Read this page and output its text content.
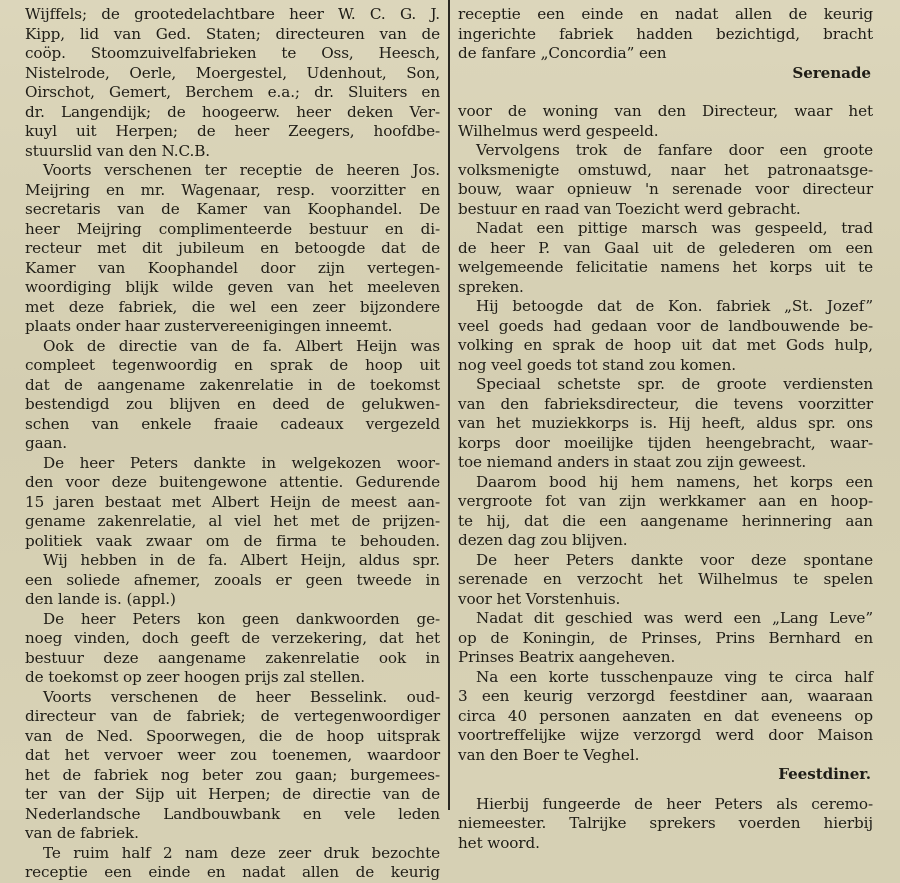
Wijffels; de grootedelachtbare heer W. C. G. J.
Kipp, lid van Ged. Staten; directeuren van de
coöp. Stoomzuivelfabrieken te Oss, Heesch,
Nistelrode, Oerle, Moergestel, Udenhout, Son,
Oirschot, Gemert, Berchem e.a.; dr. Sluiters en
dr. Langendijk; de hoogeerw. heer deken Ver-
kuyl uit Herpen; de heer Zeegers, hoofdbe-
stuurslid van den N.C.B.
Voorts verschenen ter receptie de heeren Jos.
Meijring en mr. Wagenaar, resp. voorzitter en
secretaris van de Kamer van Koophandel. De
heer Meijring complimenteerde bestuur en di-
recteur met dit jubileum en betoogde dat de
Kamer van Koophandel door zijn vertegen-
woordiging blijk wilde geven van het meeleven
met deze fabriek, die wel een zeer bijzondere
plaats onder haar zustervereenigingen inneemt.
Ook de directie van de fa. Albert Heijn was
compleet tegenwoordig en sprak de hoop uit
dat de aangename zakenrelatie in de toekomst
bestendigd zou blijven en deed de gelukwen-
schen van enkele fraaie cadeaux vergezeld
gaan.
De heer Peters dankte in welgekozen woor-
den voor deze buitengewone attentie. Gedurende
15 jaren bestaat met Albert Heijn de meest aan-
gename zakenrelatie, al viel het met de prijzen-
politiek vaak zwaar om de firma te behouden.
Wij hebben in de fa. Albert Heijn, aldus spr.
een soliede afnemer, zooals er geen tweede in
den lande is. (appl.)
De heer Peters kon geen dankwoorden ge-
noeg vinden, doch geeft de verzekering, dat het
bestuur deze aangename zakenrelatie ook in
de toekomst op zeer hoogen prijs zal stellen.
Voorts verschenen de heer Besselink. oud-
directeur van de fabriek; de vertegenwoordiger
van de Ned. Spoorwegen, die de hoop uitsprak
dat het vervoer weer zou toenemen, waardoor
het de fabriek nog beter zou gaan; burgemees-
ter van der Sijp uit Herpen; de directie van de
Nederlandsche Landbouwbank en vele leden
van de fabriek.
Te ruim half 2 nam deze zeer druk bezochte
receptie een einde en nadat allen de keurig
receptie een einde en nadat allen de keurig
ingerichte fabriek hadden bezichtigd, bracht
de fanfare „Concordia” een
Serenade
voor de woning van den Directeur, waar het
Wilhelmus werd gespeeld.
Vervolgens trok de fanfare door een groote
volksmenigte omstuwd, naar het patronaatsge-
bouw, waar opnieuw 'n serenade voor directeur
bestuur en raad van Toezicht werd gebracht.
Nadat een pittige marsch was gespeeld, trad
de heer P. van Gaal uit de gelederen om een
welgemeende felicitatie namens het korps uit te
spreken.
Hij betoogde dat de Kon. fabriek „St. Jozef”
veel goeds had gedaan voor de landbouwende be-
volking en sprak de hoop uit dat met Gods hulp,
nog veel goeds tot stand zou komen.
Speciaal schetste spr. de groote verdiensten
van den fabrieksdirecteur, die tevens voorzitter
van het muziekkorps is. Hij heeft, aldus spr. ons
korps door moeilijke tijden heengebracht, waar-
toe niemand anders in staat zou zijn geweest.
Daarom bood hij hem namens, het korps een
vergroote fot van zijn werkkamer aan en hoop-
te hij, dat die een aangename herinnering aan
dezen dag zou blijven.
De heer Peters dankte voor deze spontane
serenade en verzocht het Wilhelmus te spelen
voor het Vorstenhuis.
Nadat dit geschied was werd een „Lang Leve”
op de Koningin, de Prinses, Prins Bernhard en
Prinses Beatrix aangeheven.
Na een korte tusschenpauze ving te circa half
3 een keurig verzorgd feestdiner aan, waaraan
circa 40 personen aanzaten en dat eveneens op
voortreffelijke wijze verzorgd werd door Maison
van den Boer te Veghel.
Feestdiner.
Hierbij fungeerde de heer Peters als ceremo-
niemeester. Talrijke sprekers voerden hierbij
het woord.
